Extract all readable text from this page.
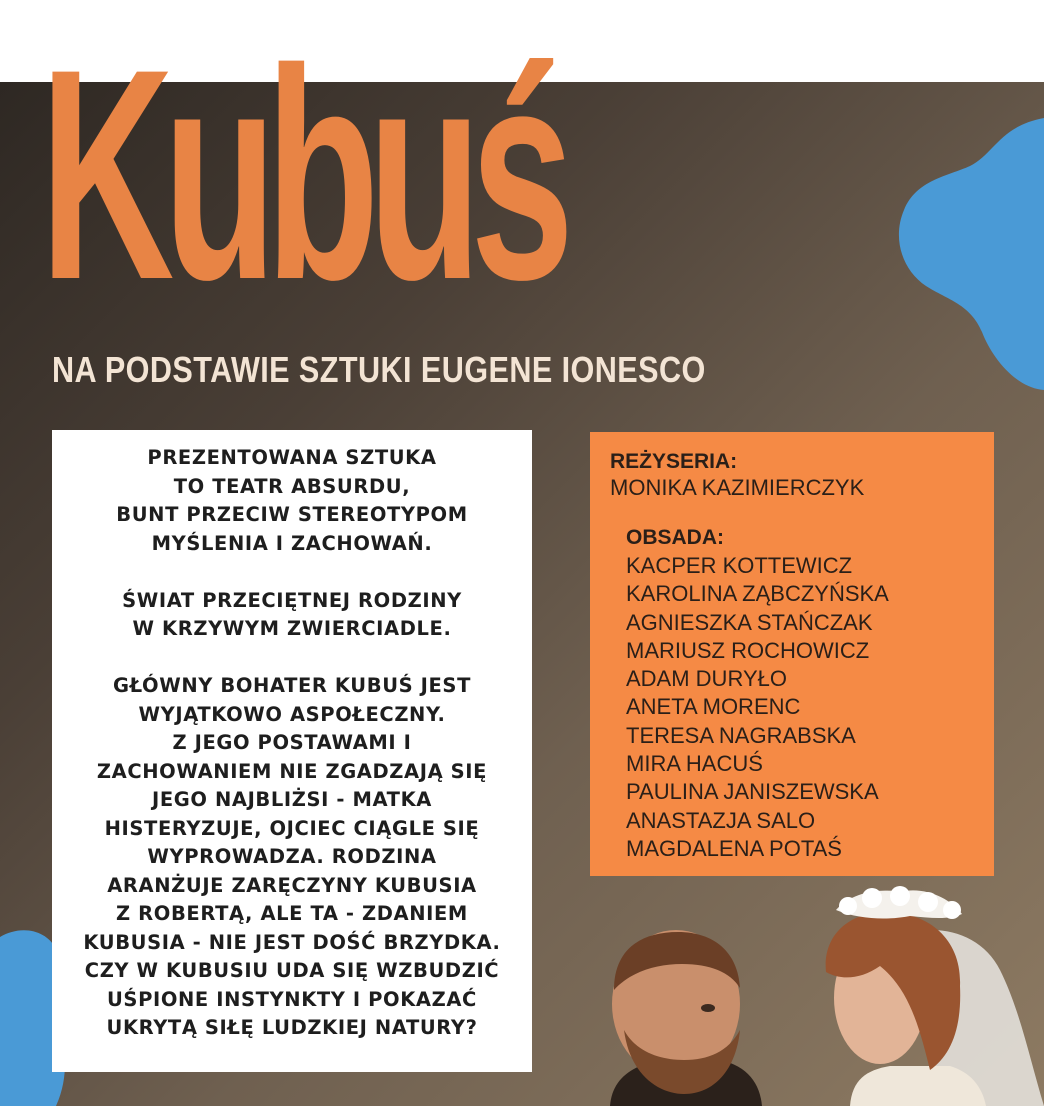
Kubuś
NA PODSTAWIE SZTUKI EUGENE IONESCO

PREZENTOWANA SZTUKA
TO TEATR ABSURDU,
BUNT PRZECIW STEREOTYPOM
MYŚLENIA I ZACHOWAŃ.

ŚWIAT PRZECIĘTNEJ RODZINY
W KRZYWYM ZWIERCIADLE.

GŁÓWNY BOHATER KUBUŚ JEST
WYJĄTKOWO ASPOŁECZNY.
Z JEGO POSTAWAMI I
ZACHOWANIEM NIE ZGADZAJĄ SIĘ
JEGO NAJBLIŻSI - MATKA
HISTERYZUJE, OJCIEC CIĄGLE SIĘ
WYPROWADZA. RODZINA
ARANŻUJE ZARĘCZYNY KUBUSIA
Z ROBERTĄ, ALE TA - ZDANIEM
KUBUSIA - NIE JEST DOŚĆ BRZYDKA.
CZY W KUBUSIU UDA SIĘ WZBUDZIĆ
UŚPIONE INSTYNKTY I POKAZAĆ
UKRYTĄ SIŁĘ LUDZKIEJ NATURY?

REŻYSERIA:
MONIKA KAZIMIERCZYK
OBSADA:
KACPER KOTTEWICZ
KAROLINA ZĄBCZYŃSKA
AGNIESZKA STAŃCZAK
MARIUSZ ROCHOWICZ
ADAM DURYŁO
ANETA MORENC
TERESA NAGRABSKA
MIRA HACUŚ
PAULINA JANISZEWSKA
ANASTAZJA SALO
MAGDALENA POTAŚ
